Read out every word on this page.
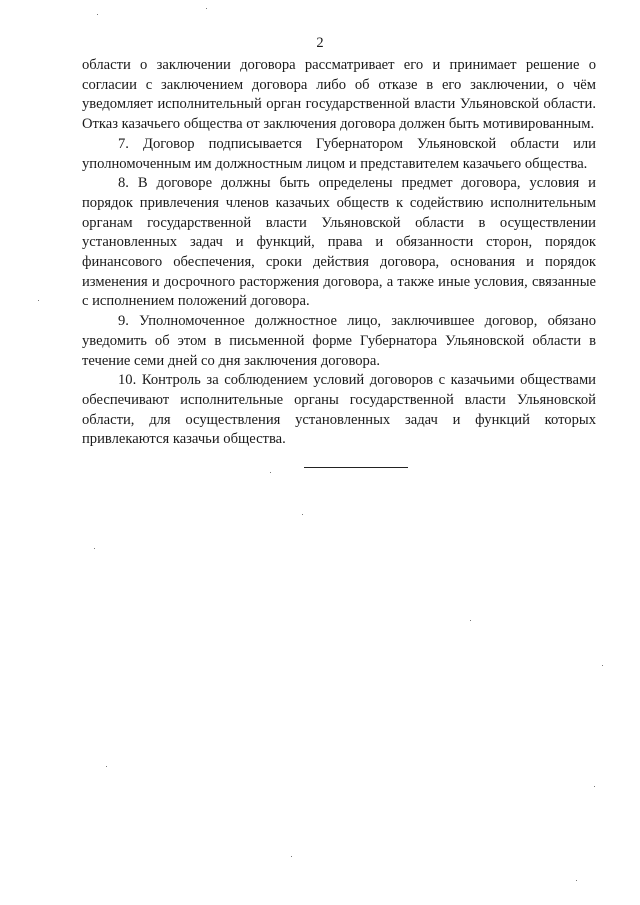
2

области о заключении договора рассматривает его и принимает решение о согласии с заключением договора либо об отказе в его заключении, о чём уведомляет исполнительный орган государственной власти Ульяновской области. Отказ казачьего общества от заключения договора должен быть мотивированным.

7. Договор подписывается Губернатором Ульяновской области или уполномоченным им должностным лицом и представителем казачьего общества.

8. В договоре должны быть определены предмет договора, условия и порядок привлечения членов казачьих обществ к содействию исполнительным органам государственной власти Ульяновской области в осуществлении установленных задач и функций, права и обязанности сторон, порядок финансового обеспечения, сроки действия договора, основания и порядок изменения и досрочного расторжения договора, а также иные условия, связанные с исполнением положений договора.

9. Уполномоченное должностное лицо, заключившее договор, обязано уведомить об этом в письменной форме Губернатора Ульяновской области в течение семи дней со дня заключения договора.

10. Контроль за соблюдением условий договоров с казачьими обществами обеспечивают исполнительные органы государственной власти Ульяновской области, для осуществления установленных задач и функций которых привлекаются казачьи общества.
